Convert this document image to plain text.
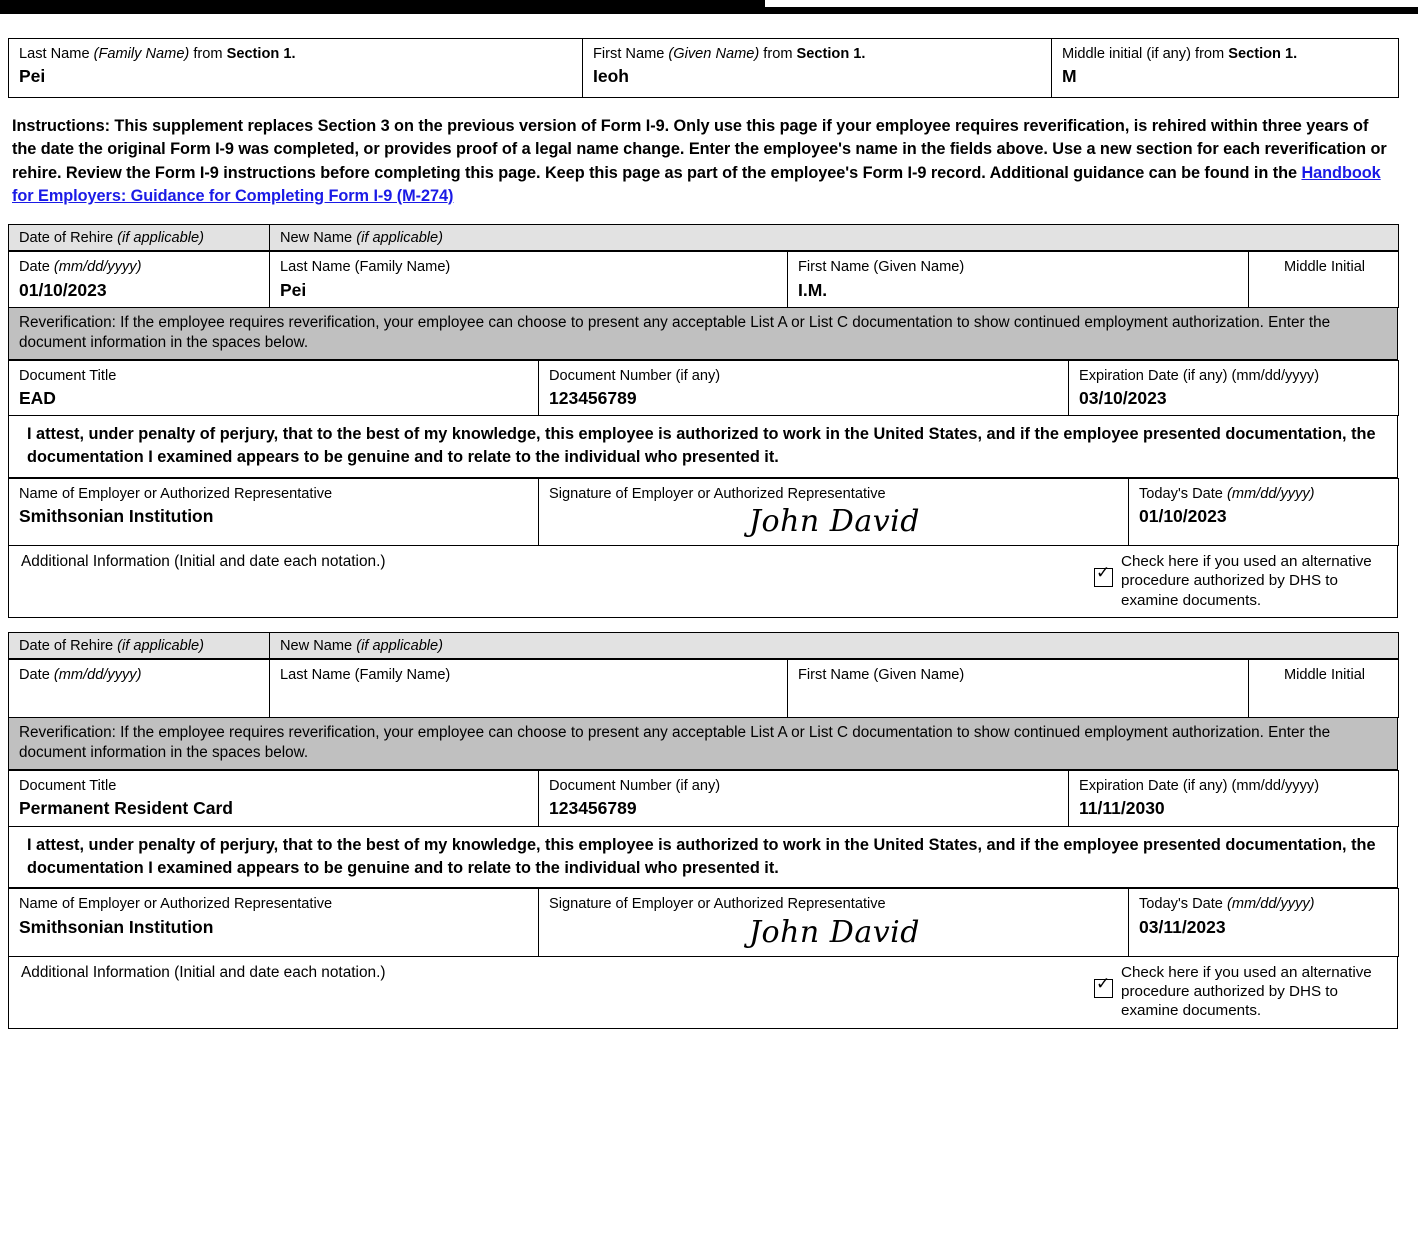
Last Name (Family Name) from Section 1.
Pei

First Name (Given Name) from Section 1.
Ieoh

Middle initial (if any) from Section 1.
M
Instructions: This supplement replaces Section 3 on the previous version of Form I-9. Only use this page if your employee requires reverification, is rehired within three years of the date the original Form I-9 was completed, or provides proof of a legal name change. Enter the employee's name in the fields above. Use a new section for each reverification or rehire. Review the Form I-9 instructions before completing this page. Keep this page as part of the employee's Form I-9 record. Additional guidance can be found in the Handbook for Employers: Guidance for Completing Form I-9 (M-274)
Date of Rehire (if applicable)	New Name (if applicable)
Date (mm/dd/yyyy)
01/10/2023

Last Name (Family Name)
Pei

First Name (Given Name)
I.M.

Middle Initial
Reverification: If the employee requires reverification, your employee can choose to present any acceptable List A or List C documentation to show continued employment authorization. Enter the document information in the spaces below.
Document Title
EAD

Document Number (if any)
123456789

Expiration Date (if any) (mm/dd/yyyy)
03/10/2023
I attest, under penalty of perjury, that to the best of my knowledge, this employee is authorized to work in the United States, and if the employee presented documentation, the documentation I examined appears to be genuine and to relate to the individual who presented it.
Name of Employer or Authorized Representative
Smithsonian Institution

Signature of Employer or Authorized Representative
John David

Today's Date (mm/dd/yyyy)
01/10/2023
Additional Information (Initial and date each notation.)
✓	Check here if you used an alternative procedure authorized by DHS to examine documents.
Date of Rehire (if applicable)	New Name (if applicable)
Date (mm/dd/yyyy)	Last Name (Family Name)	First Name (Given Name)	Middle Initial
Reverification: If the employee requires reverification, your employee can choose to present any acceptable List A or List C documentation to show continued employment authorization. Enter the document information in the spaces below.
Document Title
Permanent Resident Card

Document Number (if any)
123456789

Expiration Date (if any) (mm/dd/yyyy)
11/11/2030
I attest, under penalty of perjury, that to the best of my knowledge, this employee is authorized to work in the United States, and if the employee presented documentation, the documentation I examined appears to be genuine and to relate to the individual who presented it.
Name of Employer or Authorized Representative
Smithsonian Institution

Signature of Employer or Authorized Representative
John David

Today's Date (mm/dd/yyyy)
03/11/2023
Additional Information (Initial and date each notation.)
✓	Check here if you used an alternative procedure authorized by DHS to examine documents.
